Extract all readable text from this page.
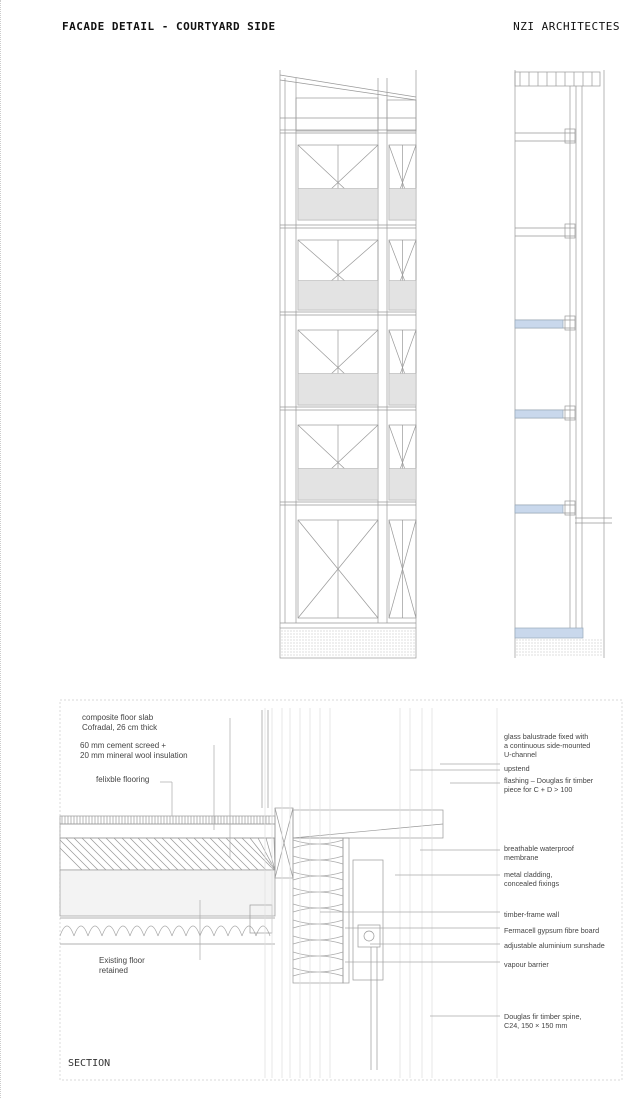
FACADE DETAIL - COURTYARD SIDE	NZI ARCHITECTES
composite floor slab
Cofradal, 26 cm thick
60 mm cement screed +
20 mm mineral wool insulation
felixble flooring
Existing floor
retained
glass balustrade fixed with
a continuous side-mounted
U-channel
upstend
flashing – Douglas fir timber
piece for C + D > 100
breathable waterproof
membrane
metal cladding,
concealed fixings
timber-frame wall
Fermacell gypsum fibre board
adjustable aluminium sunshade
vapour barrier
Douglas fir timber spine,
C24, 150 × 150 mm
SECTION
